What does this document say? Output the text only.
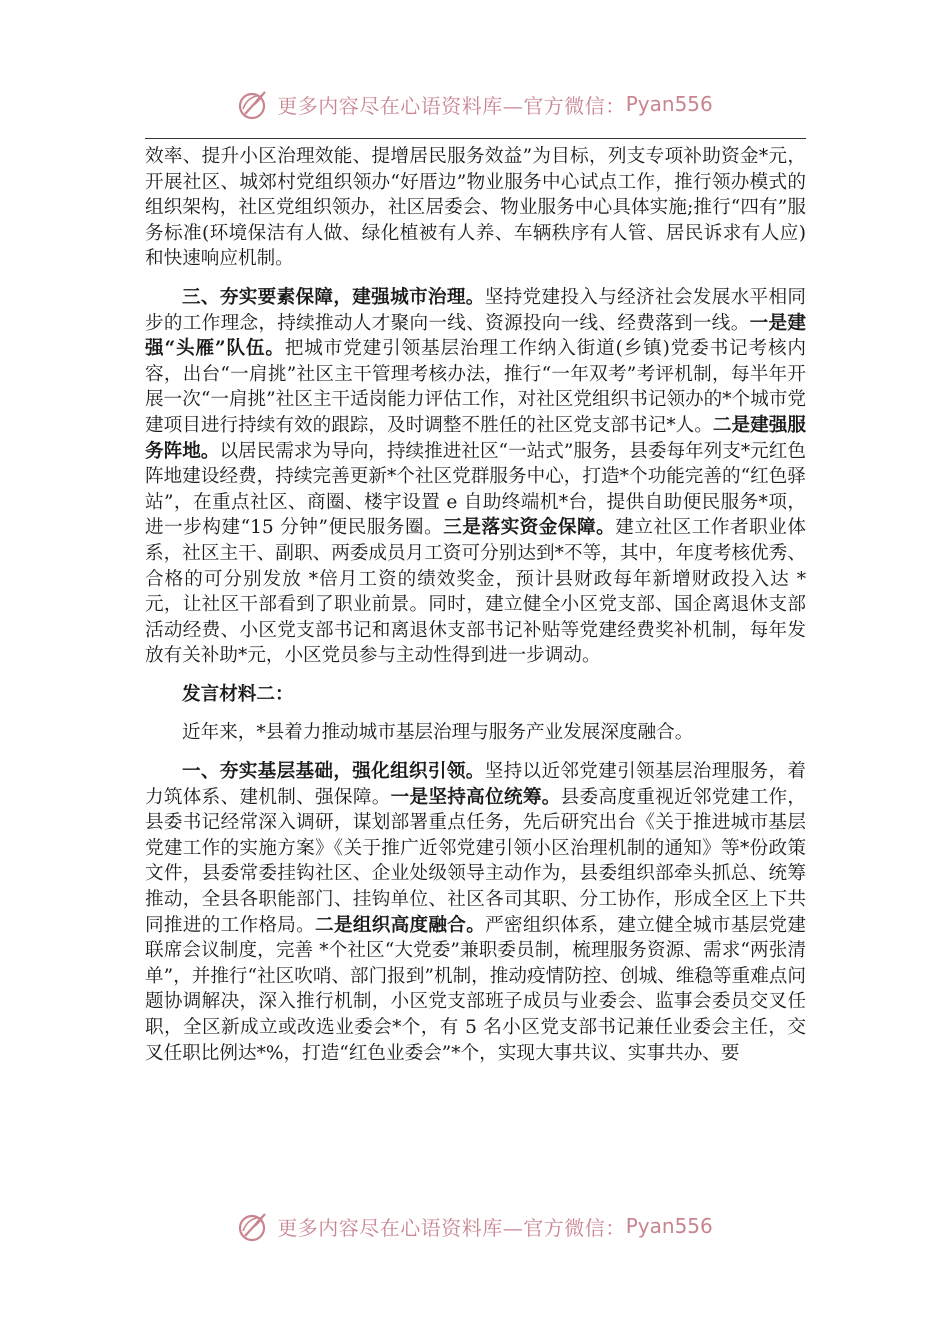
更多内容尽在心语资料库—官方微信： Pyan556

效率、提升小区治理效能、提增居民服务效益”为目标，列支专项补助资金*元，开展社区、城郊村党组织领办“好厝边”物业服务中心试点工作，推行领办模式的组织架构，社区党组织领办，社区居委会、物业服务中心具体实施;推行“四有”服务标准(环境保洁有人做、绿化植被有人养、车辆秩序有人管、居民诉求有人应)和快速响应机制。

三、夯实要素保障，建强城市治理。坚持党建投入与经济社会发展水平相同步的工作理念，持续推动人才聚向一线、资源投向一线、经费落到一线。一是建强“头雁”队伍。把城市党建引领基层治理工作纳入街道(乡镇)党委书记考核内容，出台“一肩挑”社区主干管理考核办法，推行“一年双考”考评机制，每半年开展一次“一肩挑”社区主干适岗能力评估工作，对社区党组织书记领办的*个城市党建项目进行持续有效的跟踪，及时调整不胜任的社区党支部书记*人。二是建强服务阵地。以居民需求为导向，持续推进社区“一站式”服务，县委每年列支*元红色阵地建设经费，持续完善更新*个社区党群服务中心，打造*个功能完善的“红色驿站”，在重点社区、商圈、楼宇设置 e 自助终端机*台，提供自助便民服务*项，进一步构建“15 分钟”便民服务圈。三是落实资金保障。建立社区工作者职业体系，社区主干、副职、两委成员月工资可分别达到*不等，其中，年度考核优秀、合格的可分别发放 *倍月工资的绩效奖金，预计县财政每年新增财政投入达 *元，让社区干部看到了职业前景。同时，建立健全小区党支部、国企离退休支部活动经费、小区党支部书记和离退休支部书记补贴等党建经费奖补机制，每年发放有关补助*元，小区党员参与主动性得到进一步调动。

发言材料二：

近年来，*县着力推动城市基层治理与服务产业发展深度融合。

一、夯实基层基础，强化组织引领。坚持以近邻党建引领基层治理服务，着力筑体系、建机制、强保障。一是坚持高位统筹。县委高度重视近邻党建工作，县委书记经常深入调研，谋划部署重点任务，先后研究出台《关于推进城市基层党建工作的实施方案》《关于推广近邻党建引领小区治理机制的通知》等*份政策文件，县委常委挂钩社区、企业处级领导主动作为，县委组织部牵头抓总、统筹推动，全县各职能部门、挂钩单位、社区各司其职、分工协作，形成全区上下共同推进的工作格局。二是组织高度融合。严密组织体系，建立健全城市基层党建联席会议制度，完善 *个社区“大党委”兼职委员制，梳理服务资源、需求“两张清单”，并推行“社区吹哨、部门报到”机制，推动疫情防控、创城、维稳等重难点问题协调解决，深入推行机制，小区党支部班子成员与业委会、监事会委员交叉任职，全区新成立或改选业委会*个，有 5 名小区党支部书记兼任业委会主任，交叉任职比例达*%，打造“红色业委会”*个，实现大事共议、实事共办、要

更多内容尽在心语资料库—官方微信： Pyan556
